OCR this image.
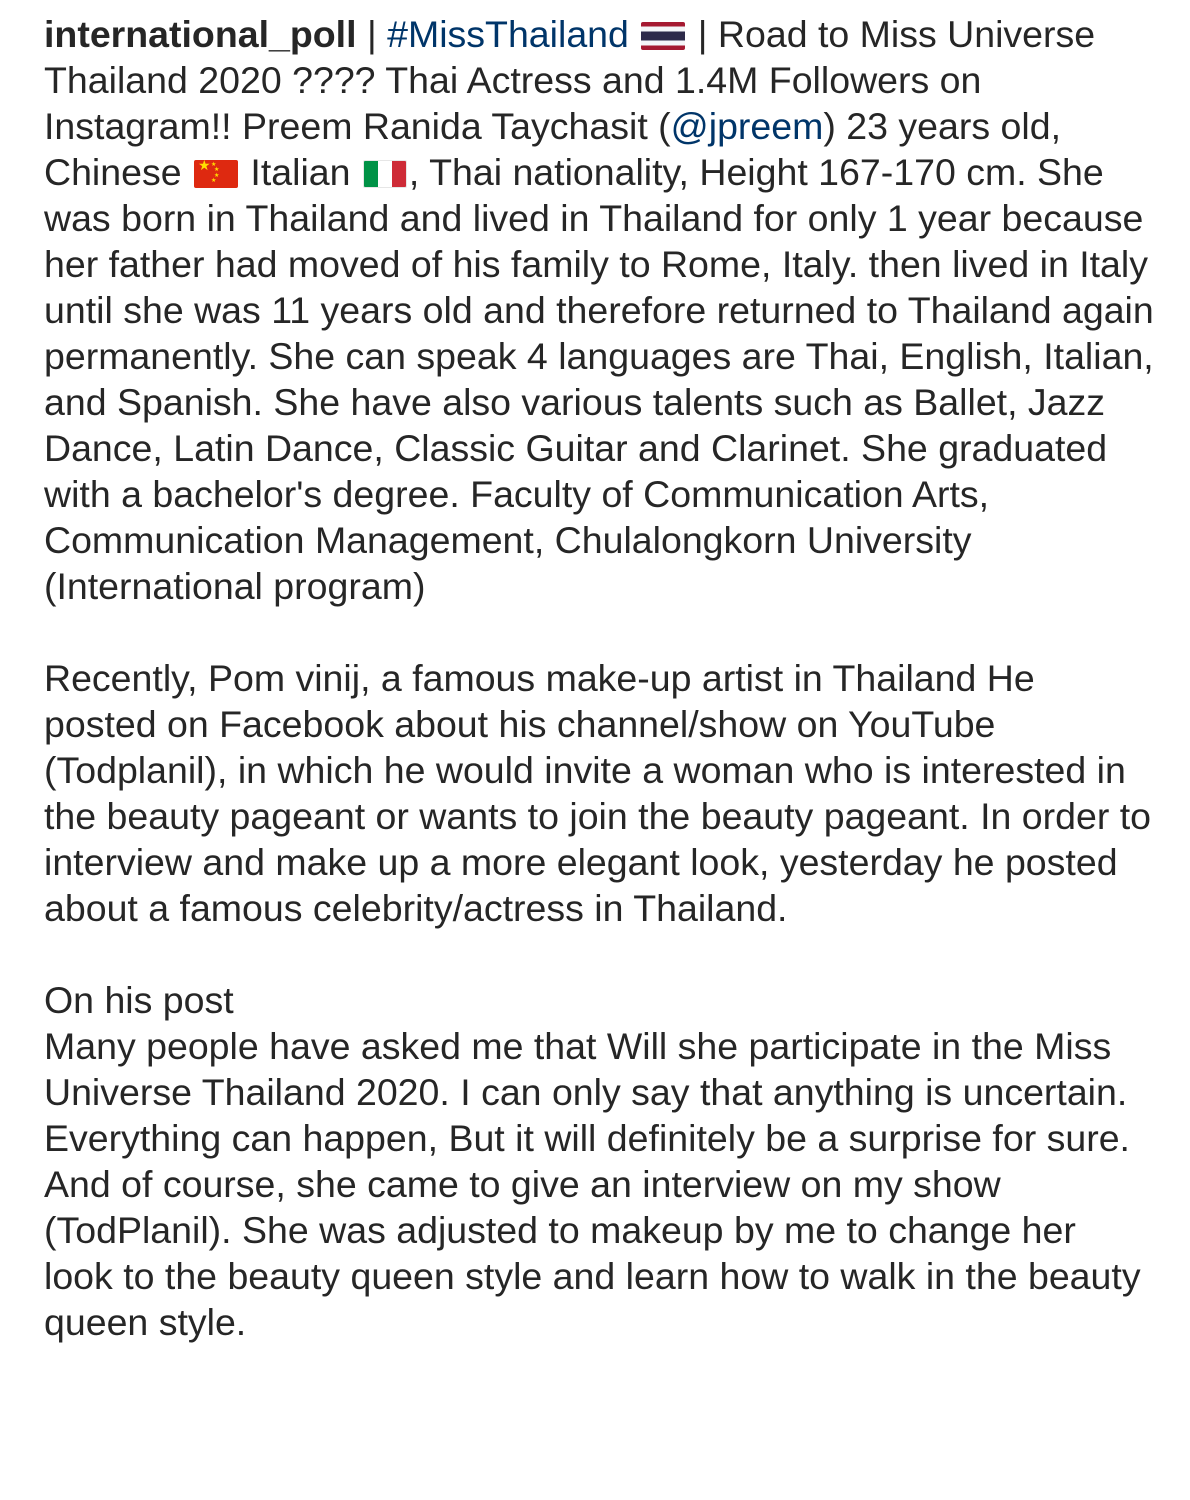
international_poll | #MissThailand  | Road to Miss Universe Thailand 2020 ???? Thai Actress and 1.4M Followers on Instagram!! Preem Ranida Taychasit (@jpreem) 23 years old, Chinese ★ ★
★
★
★ Italian , Thai nationality, Height 167-170 cm. She was born in Thailand and lived in Thailand for only 1 year because her father had moved of his family to Rome, Italy. then lived in Italy until she was 11 years old and therefore returned to Thailand again permanently. She can speak 4 languages are Thai, English, Italian, and Spanish. She have also various talents such as Ballet, Jazz Dance, Latin Dance, Classic Guitar and Clarinet. She graduated with a bachelor's degree. Faculty of Communication Arts, Communication Management, Chulalongkorn University (International program)

Recently, Pom vinij, a famous make-up artist in Thailand He posted on Facebook about his channel/show on YouTube (Todplanil), in which he would invite a woman who is interested in the beauty pageant or wants to join the beauty pageant. In order to interview and make up a more elegant look, yesterday he posted about a famous celebrity/actress in Thailand.

On his post

Many people have asked me that Will she participate in the Miss Universe Thailand 2020. I can only say that anything is uncertain. Everything can happen, But it will definitely be a surprise for sure. And of course, she came to give an interview on my show (TodPlanil). She was adjusted to makeup by me to change her look to the beauty queen style and learn how to walk in the beauty queen style.
